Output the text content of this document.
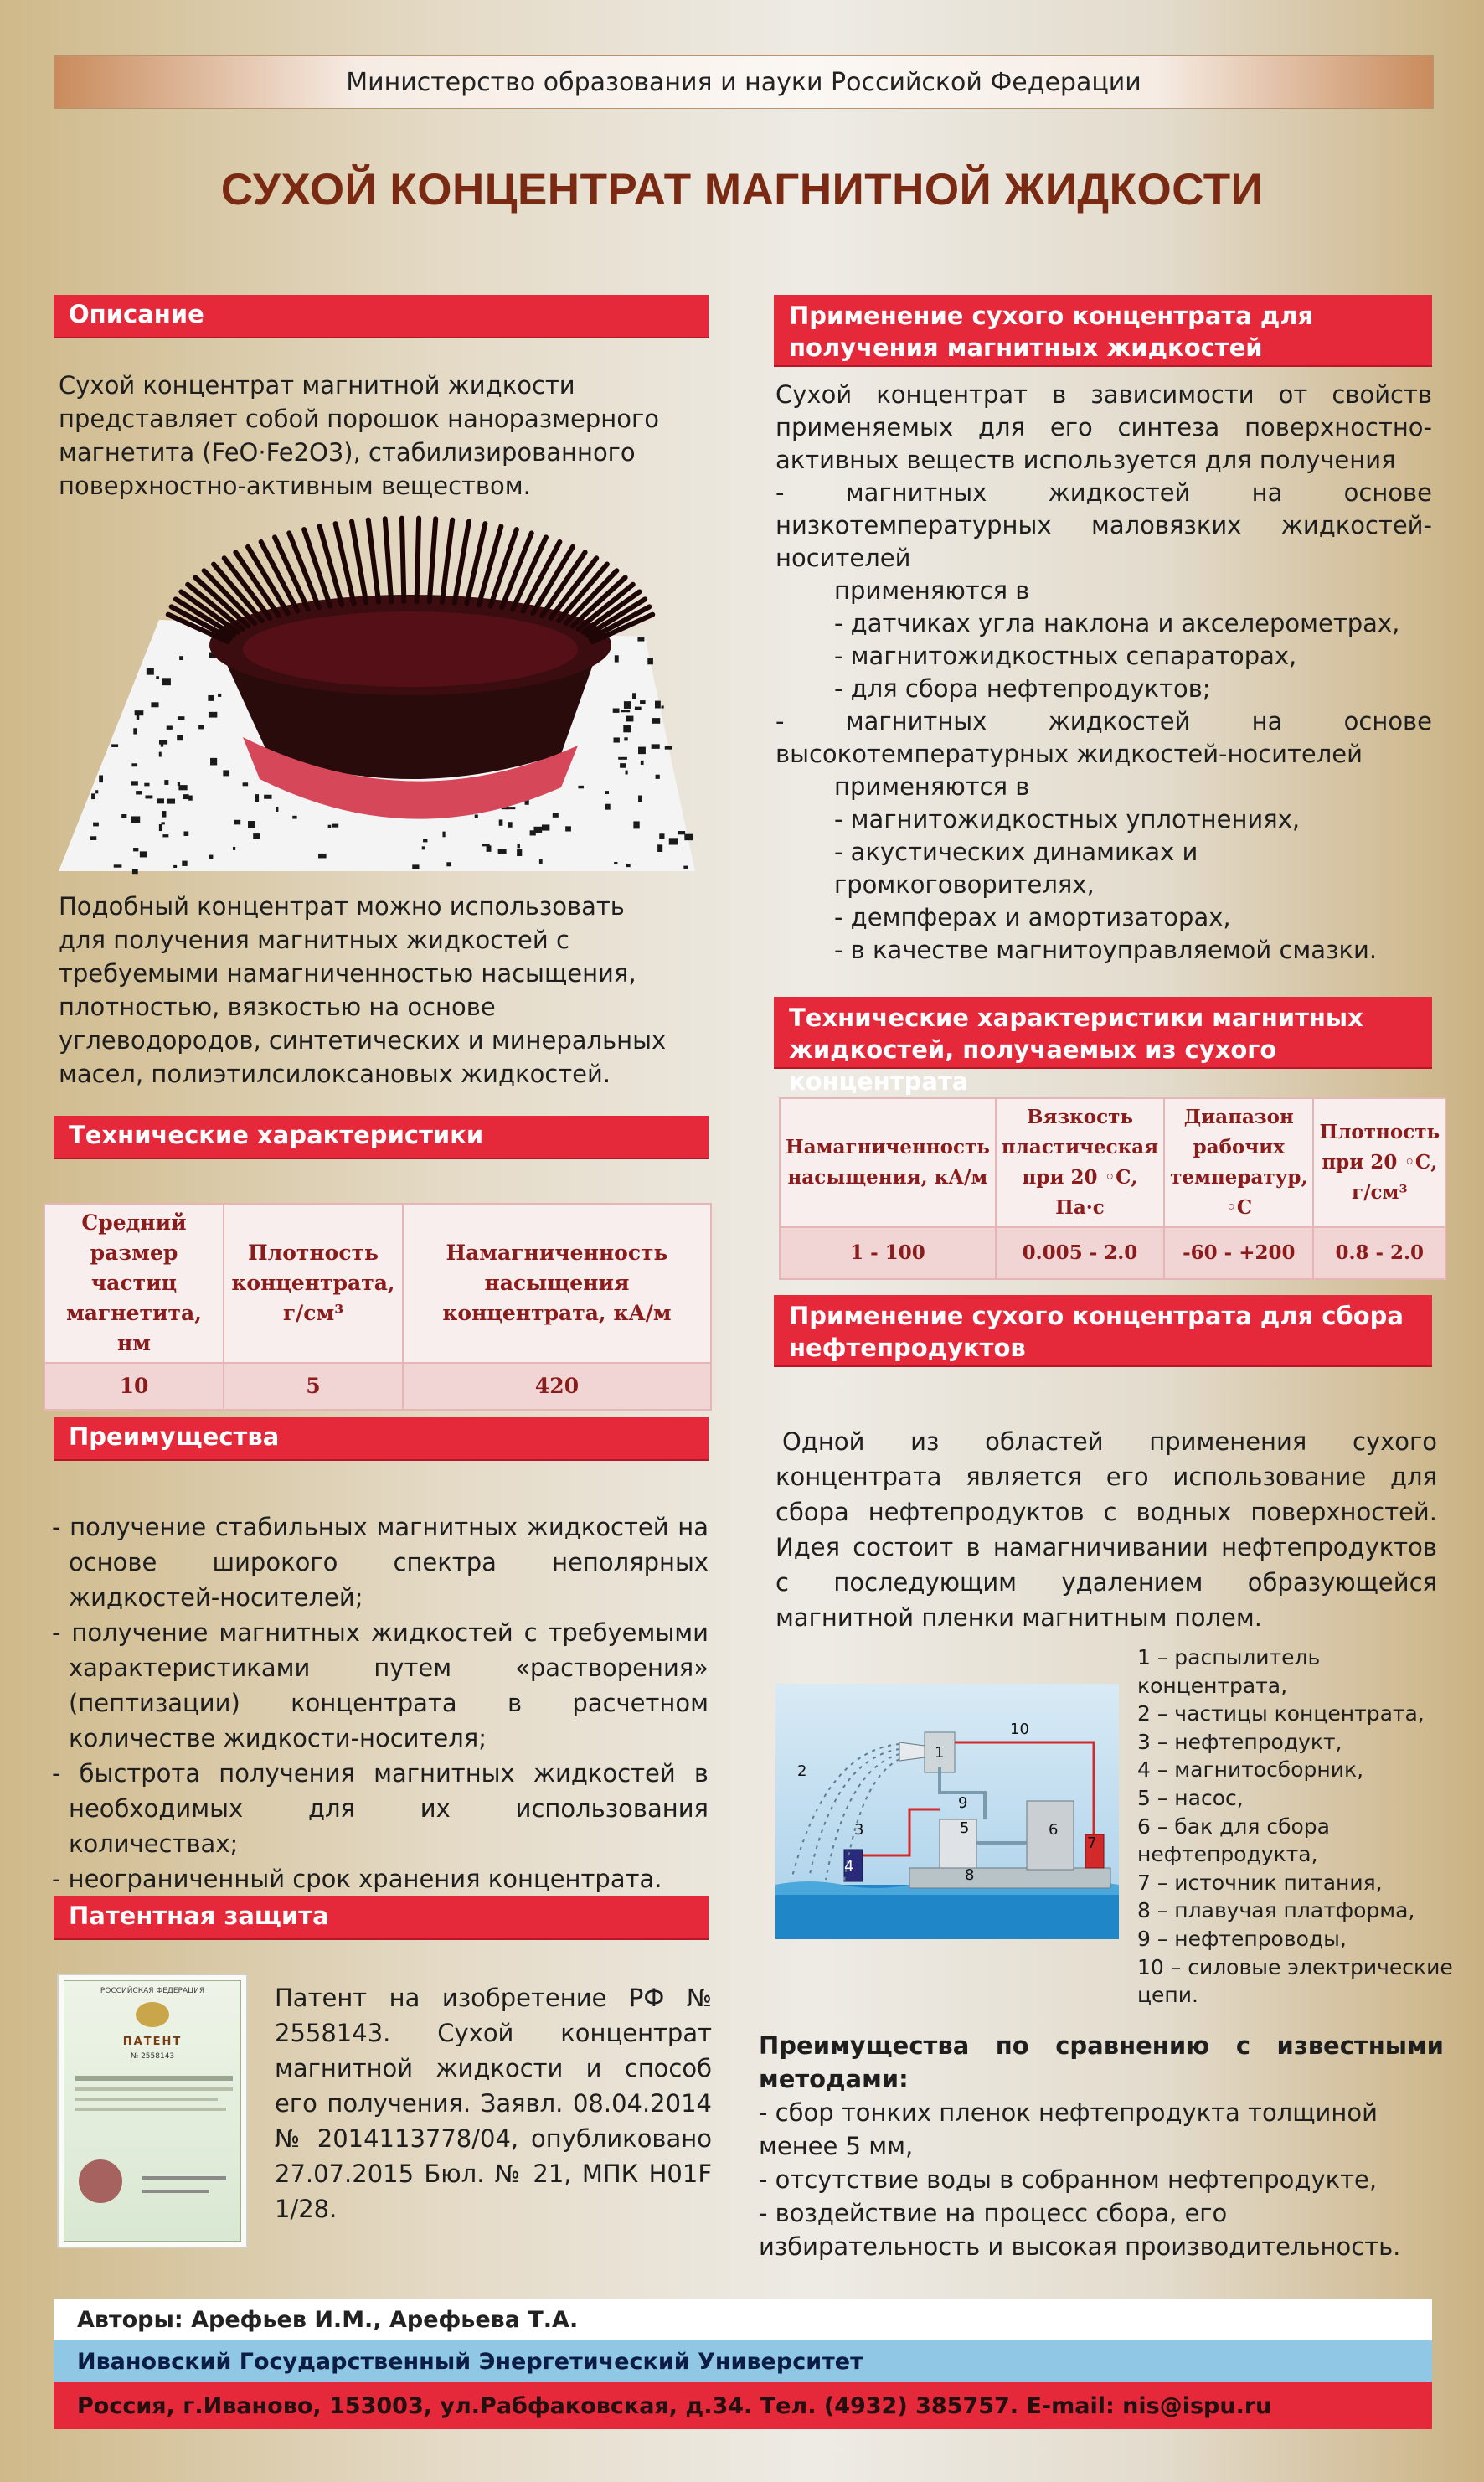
Министерство образования и науки Российской Федерации
СУХОЙ КОНЦЕНТРАТ МАГНИТНОЙ ЖИДКОСТИ
Описание
Сухой концентрат магнитной жидкости представляет собой порошок наноразмерного магнетита (FeO·Fe2O3), стабилизированного поверхностно-активным веществом.
Подобный концентрат можно использовать для получения магнитных жидкостей с требуемыми намагниченностью насыщения, плотностью, вязкостью на основе углеводородов, синтетических и минеральных масел, полиэтилсилоксановых жидкостей.
Технические характеристики
Средний размер частиц магнетита, нм	Плотность концентрата, г/см³	Намагниченность насыщения концентрата, кА/м
10	5	420
Преимущества
- получение стабильных магнитных жидкостей на основе широкого спектра неполярных жидкостей-носителей;
- получение магнитных жидкостей с требуемыми характеристиками путем «растворения» (пептизации) концентрата в расчетном количестве жидкости-носителя;
- быстрота получения магнитных жидкостей в необходимых для их использования количествах;
- неограниченный срок хранения концентрата.
Патентная защита
РОССИЙСКАЯ ФЕДЕРАЦИЯ
ПАТЕНТ
№ 2558143
Патент на изобретение РФ № 2558143. Сухой концентрат магнитной жидкости и способ его получения. Заявл. 08.04.2014 № 2014113778/04, опубликовано 27.07.2015 Бюл. № 21, МПК H01F 1/28.
Применение сухого концентрата для получения магнитных жидкостей
Сухой концентрат в зависимости от свойств применяемых для его синтеза поверхностно-активных веществ используется для получения
- магнитных жидкостей на основе низкотемпературных маловязких жидкостей-носителей
применяются в
- датчиках угла наклона и акселерометрах,
- магнитожидкостных сепараторах,
- для сбора нефтепродуктов;
- магнитных жидкостей на основе высокотемпературных жидкостей-носителей
применяются в
- магнитожидкостных уплотнениях,
- акустических динамиках и громкоговорителях,
- демпферах и амортизаторах,
- в качестве магнитоуправляемой смазки.
Технические характеристики магнитных жидкостей, получаемых из сухого концентрата
Намагниченность насыщения, кА/м	Вязкость пластическая при 20 ◦С, Па·с	Диапазон рабочих температур, ◦С	Плотность при 20 ◦С, г/см³
1 - 100	0.005 - 2.0	-60 - +200	0.8 - 2.0
Применение сухого концентрата для сбора нефтепродуктов
Одной из областей применения сухого концентрата является его использование для сбора нефтепродуктов с водных поверхностей. Идея состоит в намагничивании нефтепродуктов с последующим удалением образующейся магнитной пленки магнитным полем.
1
2
3
4
5	6
7
8
9
10
1 – распылитель концентрата,
2 – частицы концентрата,
3 – нефтепродукт,
4 – магнитосборник,
5 – насос,
6 – бак для сбора нефтепродукта,
7 – источник питания,
8 – плавучая платформа,
9 – нефтепроводы,
10 – силовые электрические цепи.
Преимущества по сравнению с известными методами:
- сбор тонких пленок нефтепродукта толщиной менее 5 мм,
- отсутствие воды в собранном нефтепродукте,
- воздействие на процесс сбора, его избирательность и высокая производительность.
Авторы:
Арефьев И.М., Арефьева Т.А.
Ивановский Государственный Энергетический Университет
Россия, г.Иваново, 153003, ул.Рабфаковская, д.34. Тел. (4932) 385757. E-mail: nis@ispu.ru
